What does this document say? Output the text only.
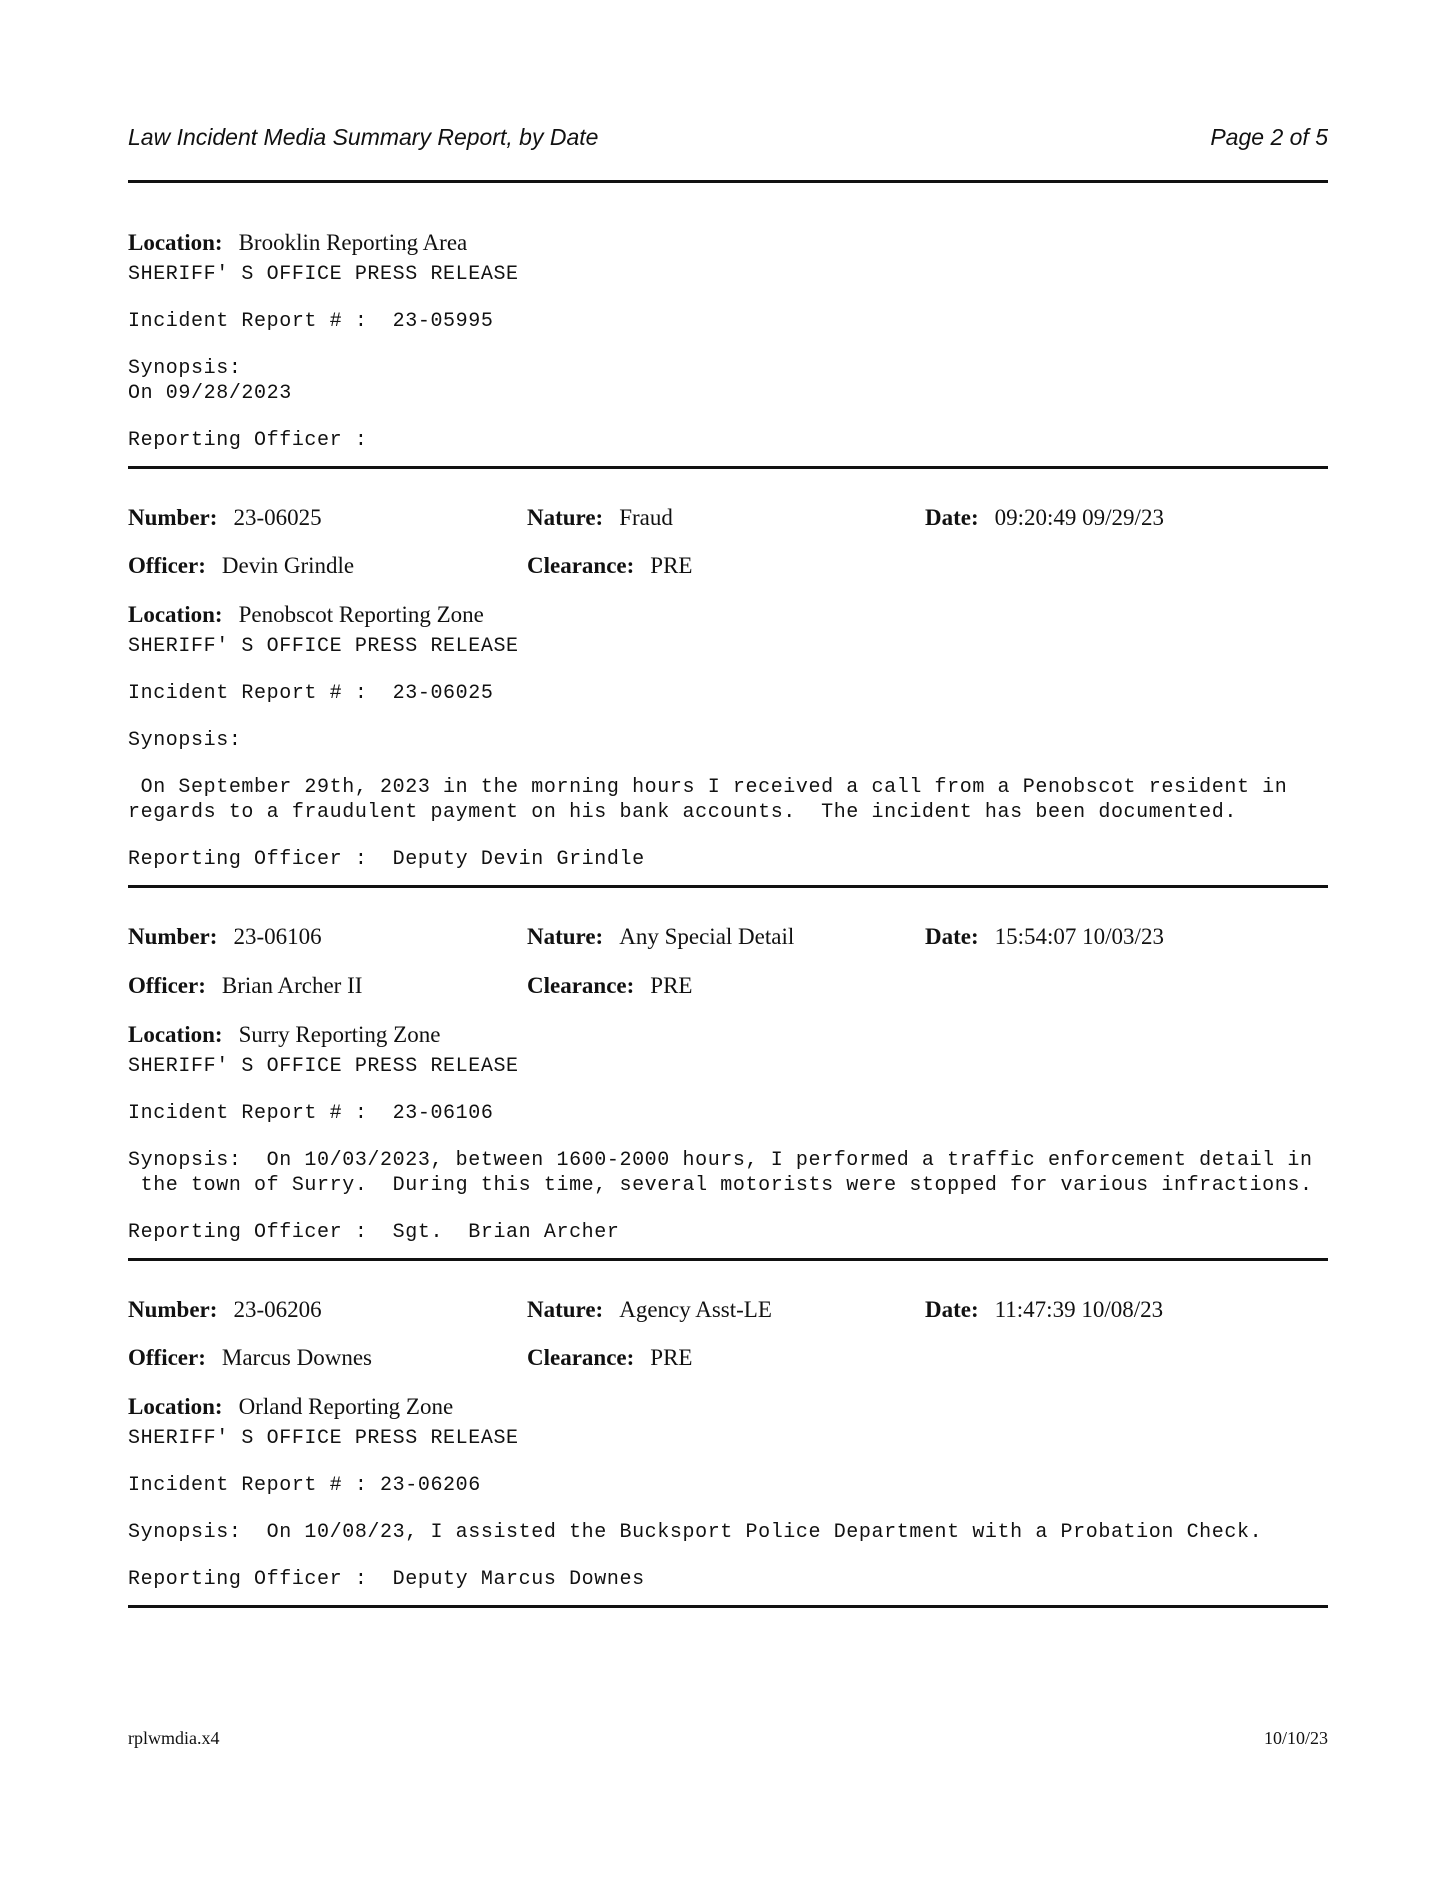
Law Incident Media Summary Report, by Date	Page 2 of 5
Location: Brooklin Reporting Area
SHERIFF' S OFFICE PRESS RELEASE
Incident Report # :  23-05995
Synopsis:
On 09/28/2023
Reporting Officer :
Number: 23-06025	Nature: Fraud	Date: 09:20:49 09/29/23
Officer: Devin Grindle	Clearance: PRE
Location: Penobscot Reporting Zone
SHERIFF' S OFFICE PRESS RELEASE
Incident Report # :  23-06025
Synopsis:
On September 29th, 2023 in the morning hours I received a call from a Penobscot resident in
regards to a fraudulent payment on his bank accounts.  The incident has been documented.
Reporting Officer :  Deputy Devin Grindle
Number: 23-06106	Nature: Any Special Detail	Date: 15:54:07 10/03/23
Officer: Brian Archer II	Clearance: PRE
Location: Surry Reporting Zone
SHERIFF' S OFFICE PRESS RELEASE
Incident Report # :  23-06106
Synopsis:  On 10/03/2023, between 1600-2000 hours, I performed a traffic enforcement detail in
the town of Surry.  During this time, several motorists were stopped for various infractions.
Reporting Officer :  Sgt.  Brian Archer
Number: 23-06206	Nature: Agency Asst-LE	Date: 11:47:39 10/08/23
Officer: Marcus Downes	Clearance: PRE
Location: Orland Reporting Zone
SHERIFF' S OFFICE PRESS RELEASE
Incident Report # : 23-06206
Synopsis:  On 10/08/23, I assisted the Bucksport Police Department with a Probation Check.
Reporting Officer :  Deputy Marcus Downes
rplwmdia.x4	10/10/23
